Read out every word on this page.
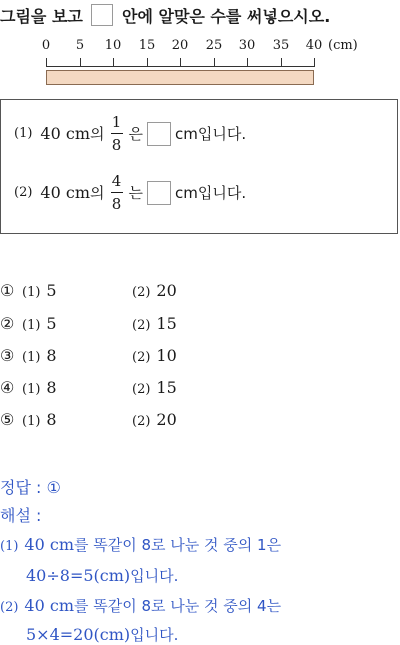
그림을 보고 안에 알맞은 수를 써넣으시오.
0 5 10 15 20 25 30 35 40 (cm)
(1) 40 cm 의 $\frac{1}{8}$ 은 cm입니다.
(2) 40 cm 의 $\frac{4}{8}$ 는 cm입니다.
① (1) 5	(2) 20
② (1) 5	(2) 15
③ (1) 8	(2) 10
④ (1) 8	(2) 15
⑤ (1) 8	(2) 20
정답 : ①
해설 :
(1) 40 cm를 똑같이 8로 나눈 것 중의 1은
40÷8=5(cm)입니다.
(2) 40 cm를 똑같이 8로 나눈 것 중의 4는
5×4=20(cm)입니다.
